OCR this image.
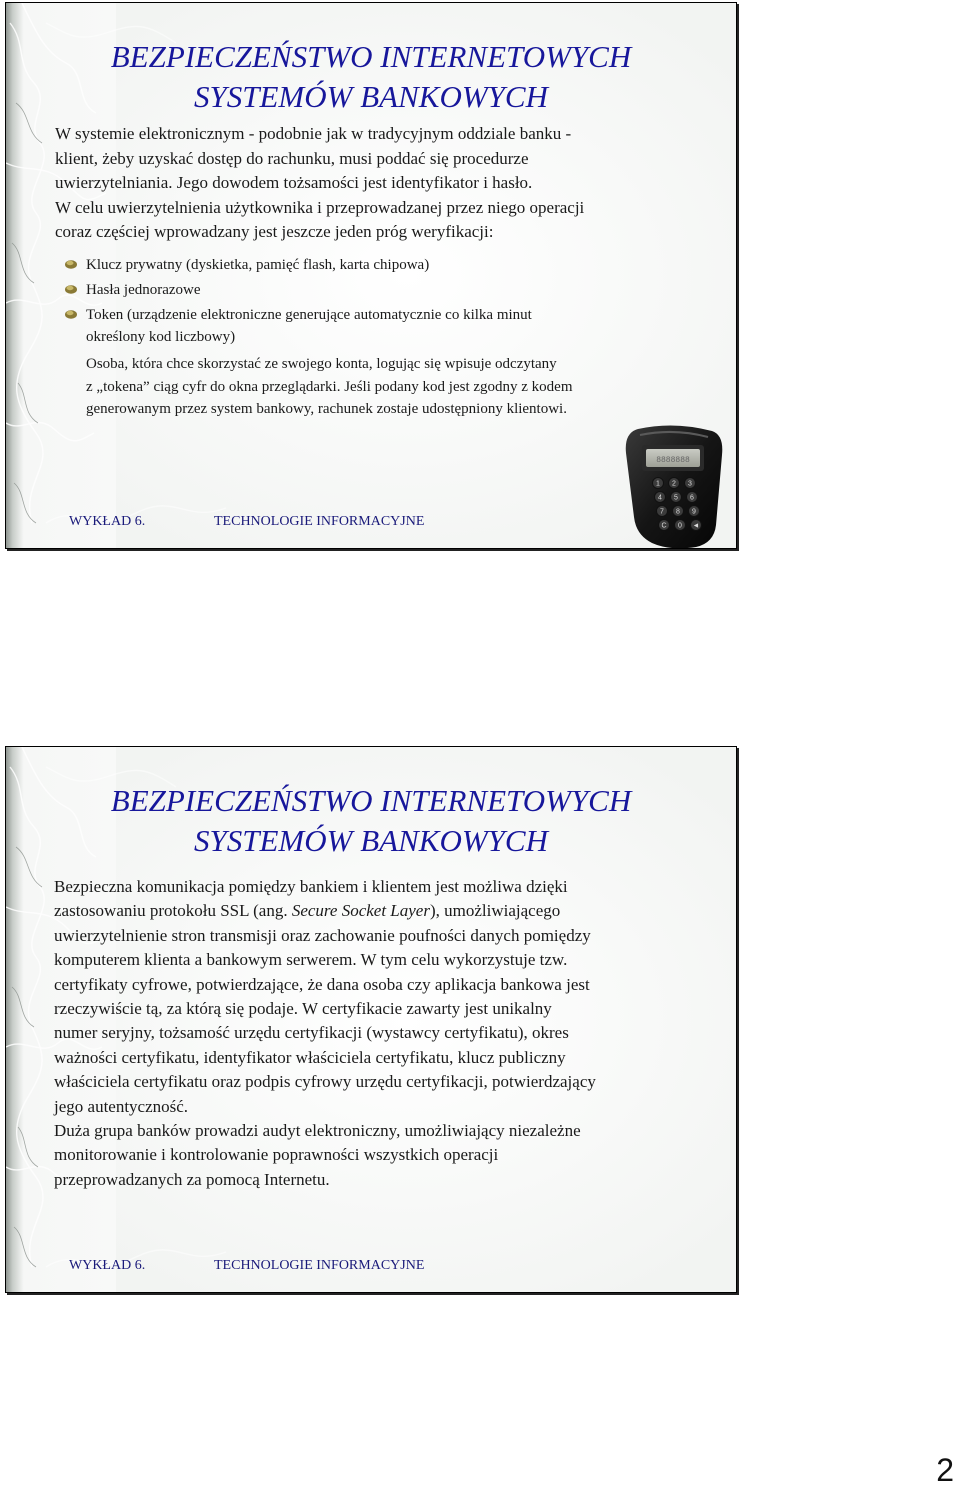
BEZPIECZEŃSTWO INTERNETOWYCH
SYSTEMÓW BANKOWYCH

W systemie elektronicznym - podobnie jak w tradycyjnym oddziale banku -

klient, żeby uzyskać dostęp do rachunku, musi poddać się procedurze

uwierzytelniania. Jego dowodem tożsamości jest identyfikator i hasło.

W celu uwierzytelnienia użytkownika i przeprowadzanej przez niego operacji

coraz częściej wprowadzany jest jeszcze jeden próg weryfikacji:

Klucz prywatny (dyskietka, pamięć flash, karta chipowa)
Hasła jednorazowe
Token (urządzenie elektroniczne generujące automatycznie co kilka minut
określony kod liczbowy)

Osoba, która chce skorzystać ze swojego konta, logując się wpisuje odczytany

z „tokena” ciąg cyfr do okna przeglądarki. Jeśli podany kod jest zgodny z kodem

generowanym przez system bankowy, rachunek zostaje udostępniony klientowi.

8888888
1 2 3
4 5 6
7 8 9
C 0 ◄
WYKŁAD 6.	TECHNOLOGIE INFORMACYJNE
BEZPIECZEŃSTWO INTERNETOWYCH
SYSTEMÓW BANKOWYCH

Bezpieczna komunikacja pomiędzy bankiem i klientem jest możliwa dzięki

zastosowaniu protokołu SSL (ang. Secure Socket Layer), umożliwiającego

uwierzytelnienie stron transmisji oraz zachowanie poufności danych pomiędzy

komputerem klienta a bankowym serwerem. W tym celu wykorzystuje tzw.

certyfikaty cyfrowe, potwierdzające, że dana osoba czy aplikacja bankowa jest

rzeczywiście tą, za którą się podaje. W certyfikacie zawarty jest unikalny

numer seryjny, tożsamość urzędu certyfikacji (wystawcy certyfikatu), okres

ważności certyfikatu, identyfikator właściciela certyfikatu, klucz publiczny

właściciela certyfikatu oraz podpis cyfrowy urzędu certyfikacji, potwierdzający

jego autentyczność.

Duża grupa banków prowadzi audyt elektroniczny, umożliwiający niezależne

monitorowanie i kontrolowanie poprawności wszystkich operacji

przeprowadzanych za pomocą Internetu.

WYKŁAD 6.	TECHNOLOGIE INFORMACYJNE
2
